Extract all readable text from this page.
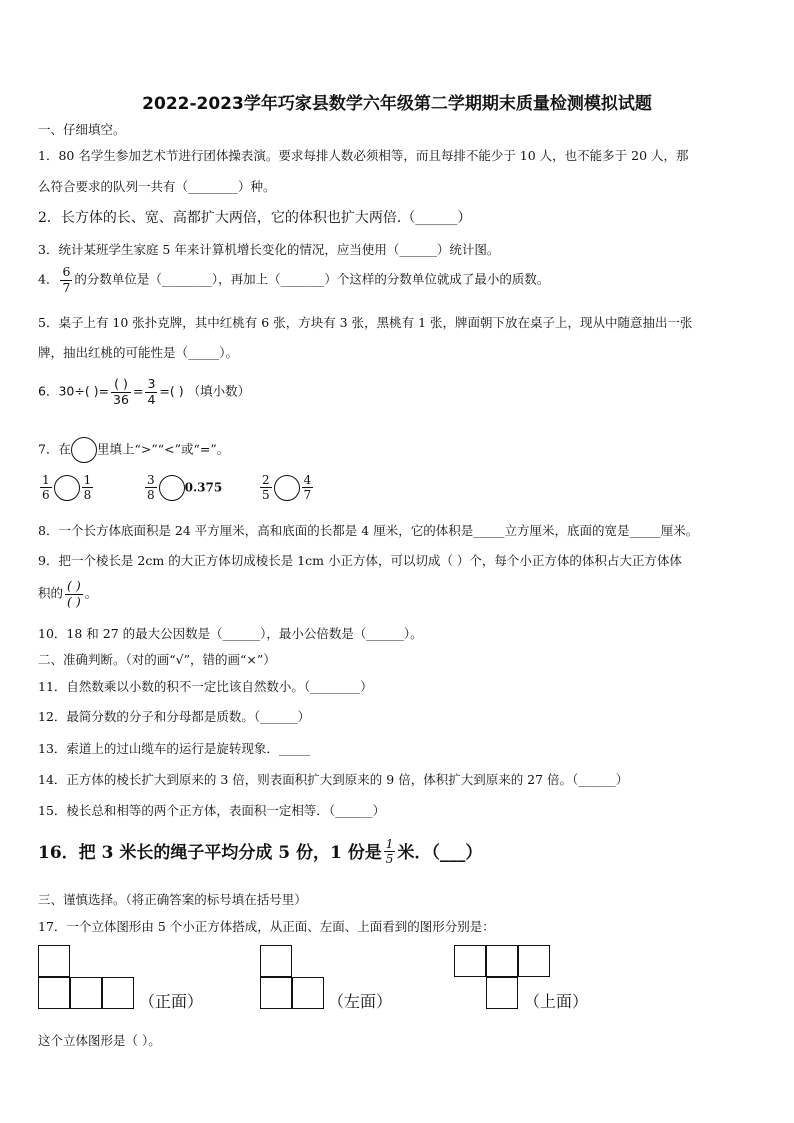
2022-2023学年巧家县数学六年级第二学期期末质量检测模拟试题
一、仔细填空。
1．80 名学生参加艺术节进行团体操表演。要求每排人数必须相等，而且每排不能少于 10 人，也不能多于 20 人，那
么符合要求的队列一共有（________）种。
2．长方体的长、宽、高都扩大两倍，它的体积也扩大两倍.（______）
3．统计某班学生家庭 5 年来计算机增长变化的情况，应当使用（______）统计图。
4． $\frac{6}{7}$ 的分数单位是（________），再加上（_______）个这样的分数单位就成了最小的质数。
5．桌子上有 10 张扑克牌，其中红桃有 6 张，方块有 3 张，黑桃有 1 张，牌面朝下放在桌子上，现从中随意抽出一张
牌，抽出红桃的可能性是（_____）。
6．30÷( )= $\frac{( )}{36} = \frac{3}{4}$ =( ) （填小数）
7．在 里填上“>”“<”或“=”。
$\frac{1}{6}$	$\frac{1}{8}$	$\frac{3}{8} 0.375$	$\frac{2}{5}$	$\frac{4}{7}$
8．一个长方体底面积是 24 平方厘米，高和底面的长都是 4 厘米，它的体积是_____立方厘米，底面的宽是_____厘米。
9．把一个棱长是 2cm 的大正方体切成棱长是 1cm 小正方体，可以切成（ ）个，每个小正方体的体积占大正方体体
积的 $\frac{( )}{( )}$ 。
10．18 和 27 的最大公因数是（______），最小公倍数是（______）。
二、准确判断。（对的画“√”，错的画“×”）
11．自然数乘以小数的积不一定比该自然数小。（________）
12．最简分数的分子和分母都是质数。（______）
13．索道上的过山缆车的运行是旋转现象．_____
14．正方体的棱长扩大到原来的 3 倍，则表面积扩大到原来的 9 倍，体积扩大到原来的 27 倍。（______）
15．棱长总和相等的两个正方体，表面积一定相等．（______）
16．把 3 米长的绳子平均分成 5 份，1 份是 $\frac{1}{5}$ 米．（___）
三、谨慎选择。（将正确答案的标号填在括号里）
17．一个立体图形由 5 个小正方体搭成，从正面、左面、上面看到的图形分别是：
（正面）	（左面）	（上面）
这个立体图形是（ ）。
